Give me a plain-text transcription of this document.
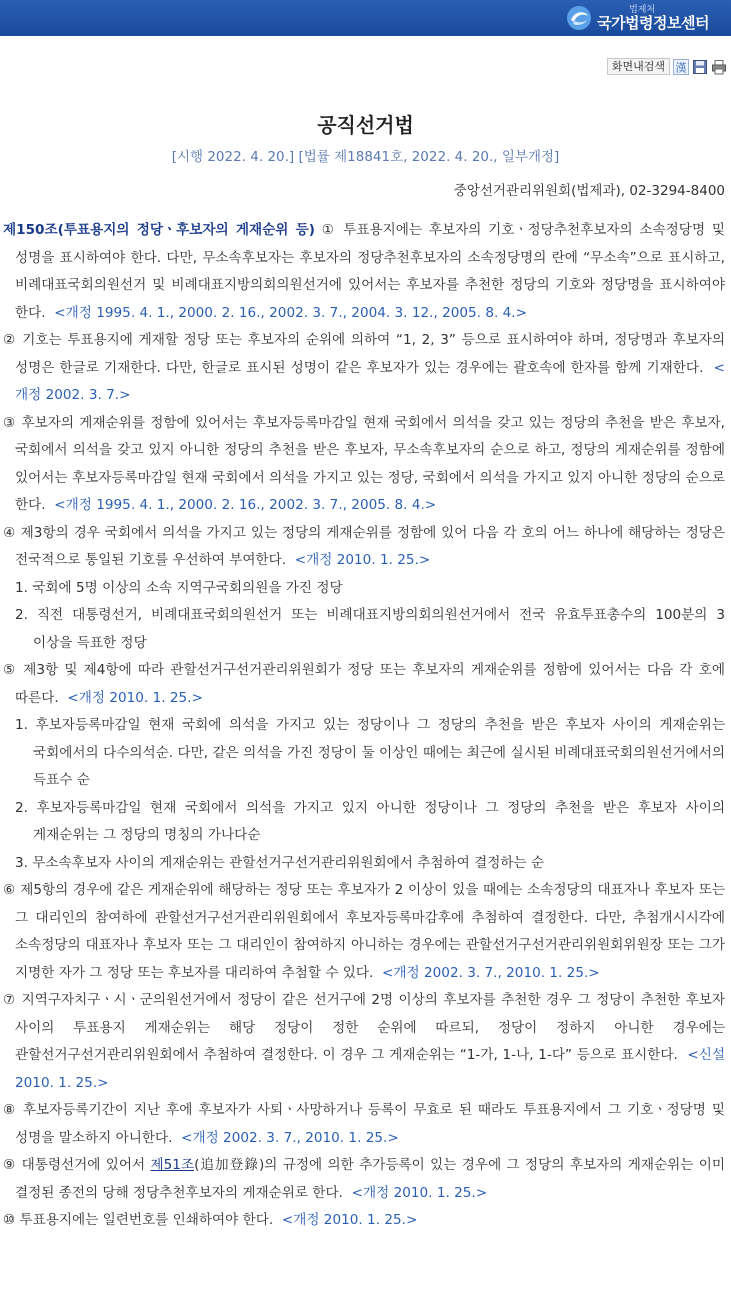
법제처
국가법령정보센터
화면내검색 漢
공직선거법
[시행 2022. 4. 20.] [법률 제18841호, 2022. 4. 20., 일부개정]
중앙선거관리위원회(법제과), 02-3294-8400

제150조(투표용지의 정당ㆍ후보자의 게재순위 등) ① 투표용지에는 후보자의 기호ㆍ정당추천후보자의 소속정당명 및 성명을 표시하여야 한다. 다만, 무소속후보자는 후보자의 정당추천후보자의 소속정당명의 란에 “무소속”으로 표시하고, 비례대표국회의원선거 및 비례대표지방의회의원선거에 있어서는 후보자를 추천한 정당의 기호와 정당명을 표시하여야 한다. <개정 1995. 4. 1., 2000. 2. 16., 2002. 3. 7., 2004. 3. 12., 2005. 8. 4.>

② 기호는 투표용지에 게재할 정당 또는 후보자의 순위에 의하여 “1, 2, 3” 등으로 표시하여야 하며, 정당명과 후보자의 성명은 한글로 기재한다. 다만, 한글로 표시된 성명이 같은 후보자가 있는 경우에는 괄호속에 한자를 함께 기재한다. <개정 2002. 3. 7.>

③ 후보자의 게재순위를 정함에 있어서는 후보자등록마감일 현재 국회에서 의석을 갖고 있는 정당의 추천을 받은 후보자, 국회에서 의석을 갖고 있지 아니한 정당의 추천을 받은 후보자, 무소속후보자의 순으로 하고, 정당의 게재순위를 정함에 있어서는 후보자등록마감일 현재 국회에서 의석을 가지고 있는 정당, 국회에서 의석을 가지고 있지 아니한 정당의 순으로 한다. <개정 1995. 4. 1., 2000. 2. 16., 2002. 3. 7., 2005. 8. 4.>

④ 제3항의 경우 국회에서 의석을 가지고 있는 정당의 게재순위를 정함에 있어 다음 각 호의 어느 하나에 해당하는 정당은 전국적으로 통일된 기호를 우선하여 부여한다. <개정 2010. 1. 25.>

1. 국회에 5명 이상의 소속 지역구국회의원을 가진 정당

2. 직전 대통령선거, 비례대표국회의원선거 또는 비례대표지방의회의원선거에서 전국 유효투표총수의 100분의 3 이상을 득표한 정당

⑤ 제3항 및 제4항에 따라 관할선거구선거관리위원회가 정당 또는 후보자의 게재순위를 정함에 있어서는 다음 각 호에 따른다. <개정 2010. 1. 25.>

1. 후보자등록마감일 현재 국회에 의석을 가지고 있는 정당이나 그 정당의 추천을 받은 후보자 사이의 게재순위는 국회에서의 다수의석순. 다만, 같은 의석을 가진 정당이 둘 이상인 때에는 최근에 실시된 비례대표국회의원선거에서의 득표수 순

2. 후보자등록마감일 현재 국회에서 의석을 가지고 있지 아니한 정당이나 그 정당의 추천을 받은 후보자 사이의 게재순위는 그 정당의 명칭의 가나다순

3. 무소속후보자 사이의 게재순위는 관할선거구선거관리위원회에서 추첨하여 결정하는 순

⑥ 제5항의 경우에 같은 게재순위에 해당하는 정당 또는 후보자가 2 이상이 있을 때에는 소속정당의 대표자나 후보자 또는 그 대리인의 참여하에 관할선거구선거관리위원회에서 후보자등록마감후에 추첨하여 결정한다. 다만, 추첨개시시각에 소속정당의 대표자나 후보자 또는 그 대리인이 참여하지 아니하는 경우에는 관할선거구선거관리위원회위원장 또는 그가 지명한 자가 그 정당 또는 후보자를 대리하여 추첨할 수 있다. <개정 2002. 3. 7., 2010. 1. 25.>

⑦ 지역구자치구ㆍ시ㆍ군의원선거에서 정당이 같은 선거구에 2명 이상의 후보자를 추천한 경우 그 정당이 추천한 후보자 사이의 투표용지 게재순위는 해당 정당이 정한 순위에 따르되, 정당이 정하지 아니한 경우에는 관할선거구선거관리위원회에서 추첨하여 결정한다. 이 경우 그 게재순위는 “1-가, 1-나, 1-다” 등으로 표시한다. <신설 2010. 1. 25.>

⑧ 후보자등록기간이 지난 후에 후보자가 사퇴ㆍ사망하거나 등록이 무효로 된 때라도 투표용지에서 그 기호ㆍ정당명 및 성명을 말소하지 아니한다. <개정 2002. 3. 7., 2010. 1. 25.>

⑨ 대통령선거에 있어서 제51조(追加登錄)의 규정에 의한 추가등록이 있는 경우에 그 정당의 후보자의 게재순위는 이미 결정된 종전의 당해 정당추천후보자의 게재순위로 한다. <개정 2010. 1. 25.>

⑩ 투표용지에는 일련번호를 인쇄하여야 한다. <개정 2010. 1. 25.>
